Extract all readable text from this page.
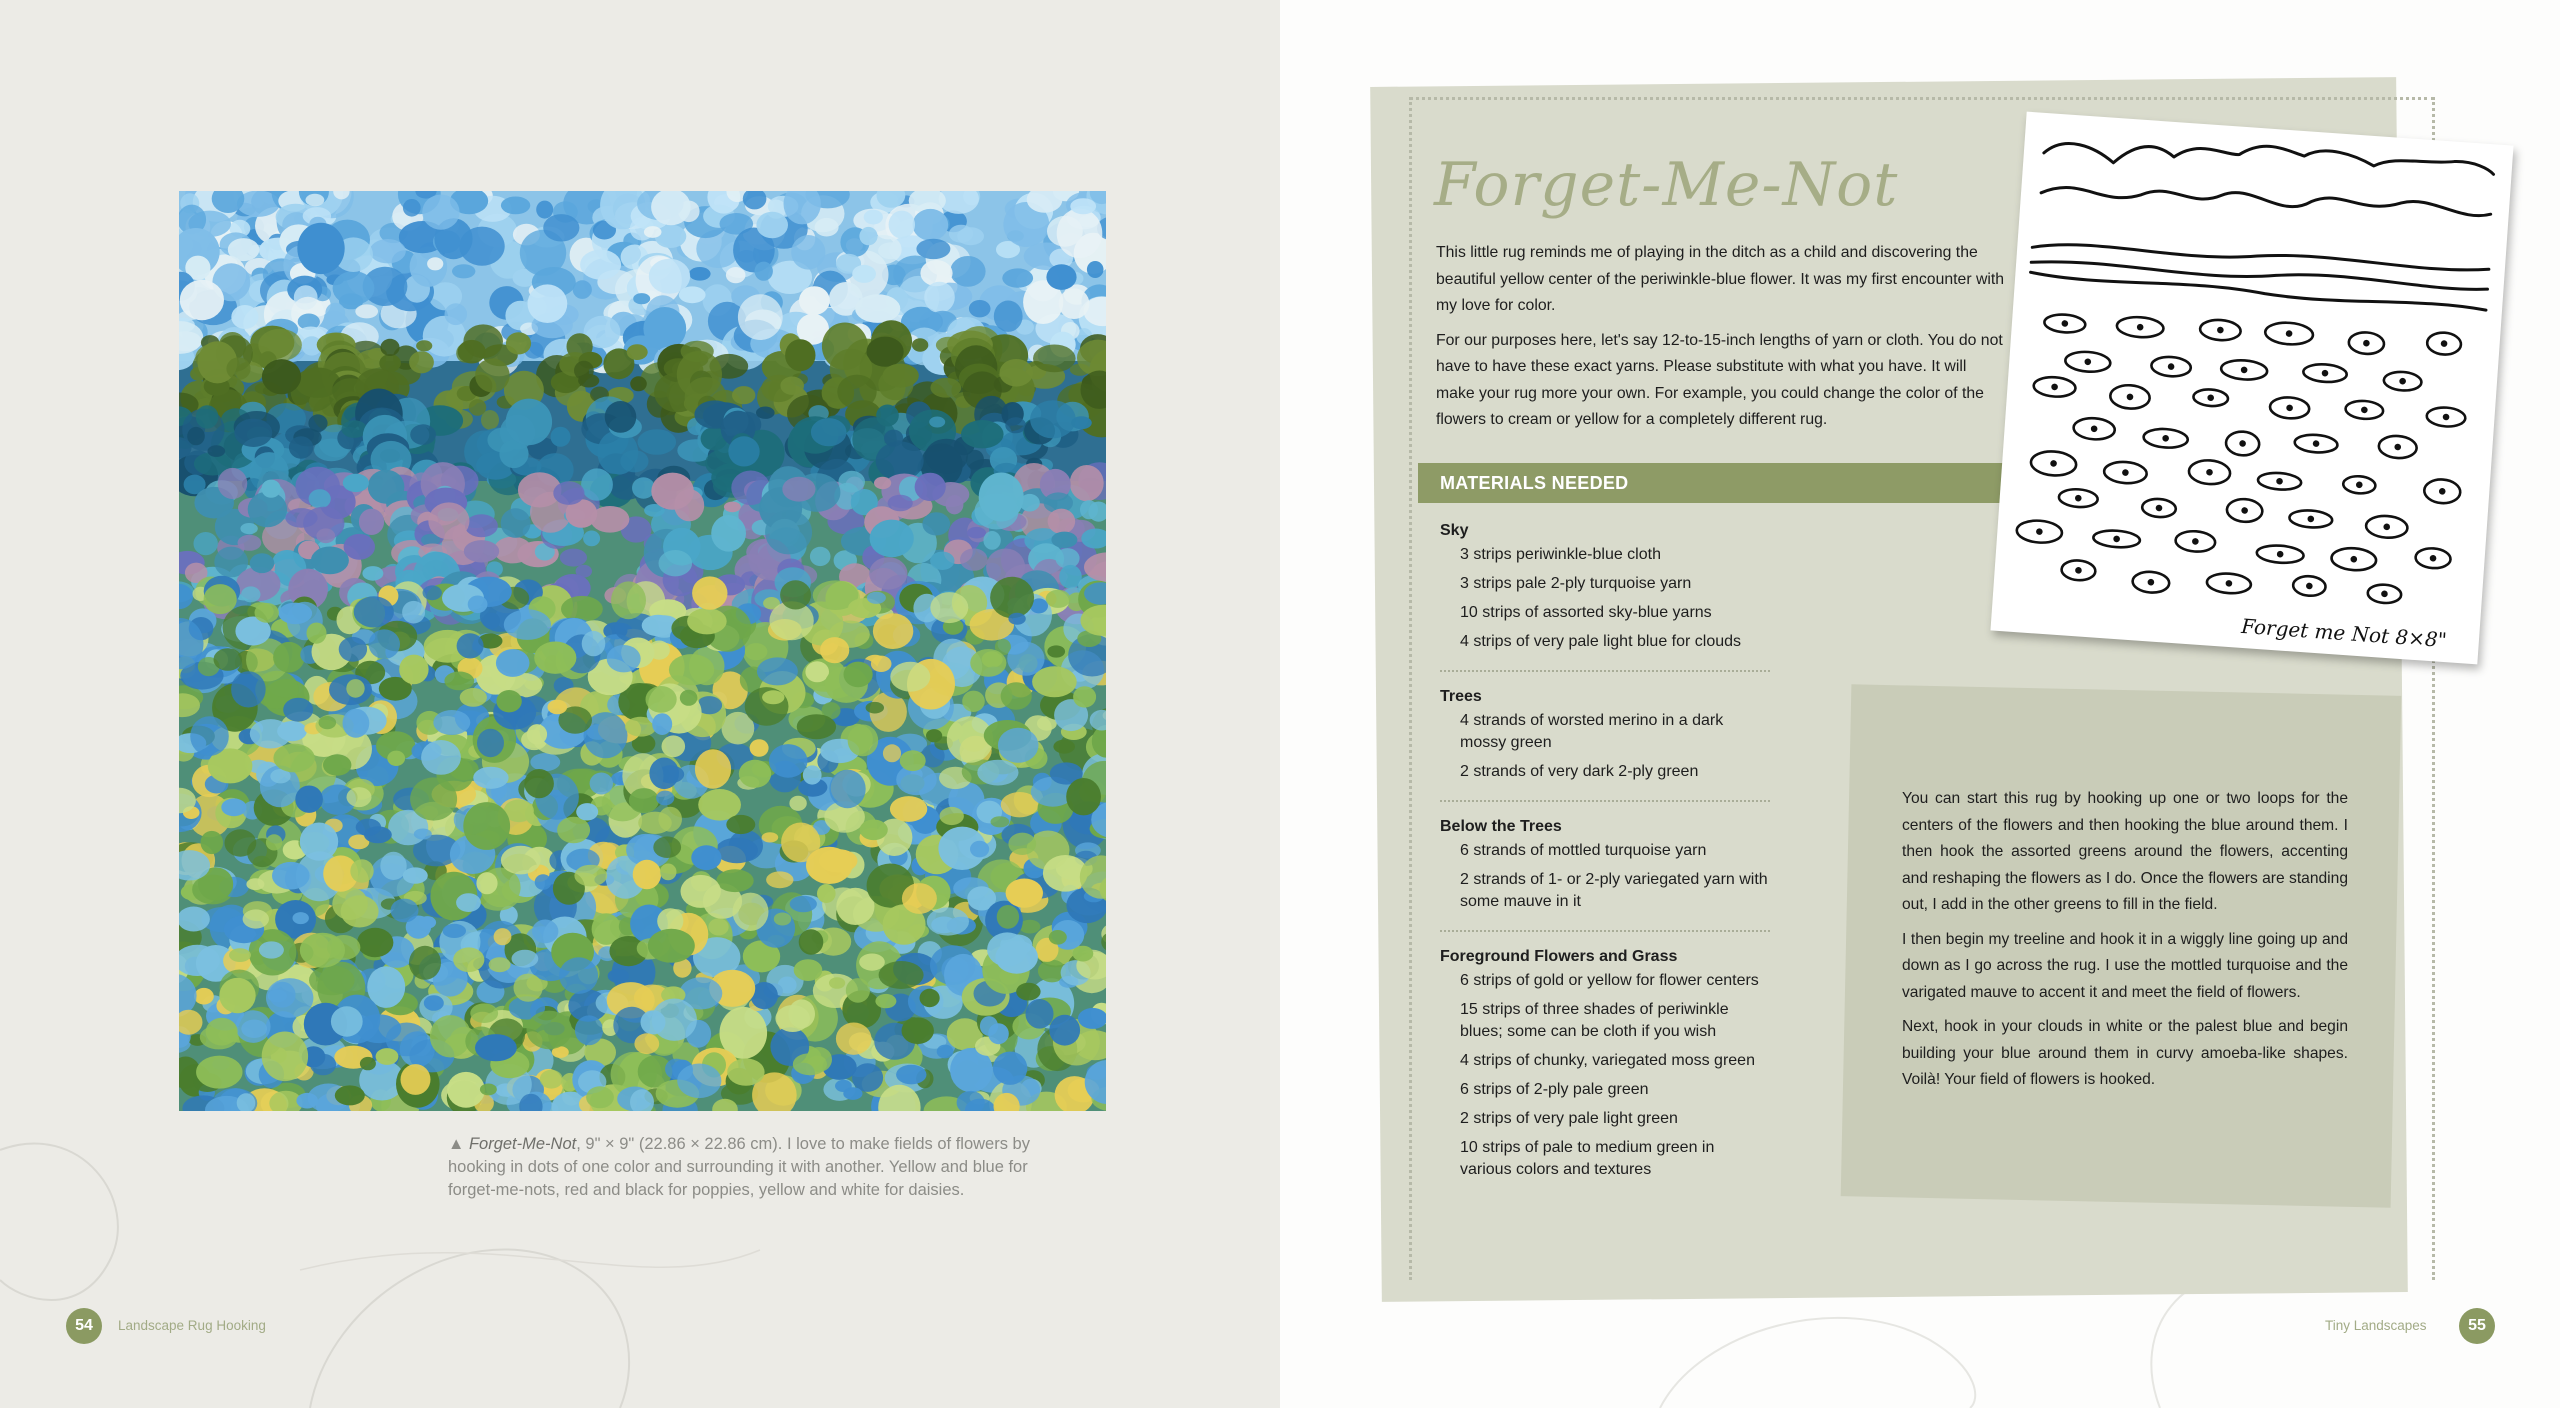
▲ Forget-Me-Not, 9" × 9" (22.86 × 22.86 cm). I love to make fields of flowers by hooking in dots of one color and surrounding it with another. Yellow and blue for forget-me-nots, red and black for poppies, yellow and white for daisies.
54	Landscape Rug Hooking
Forget-Me-Not

This little rug reminds me of playing in the ditch as a child and discovering the beautiful yellow center of the periwinkle-blue flower. It was my first encounter with my love for color.

For our purposes here, let's say 12-to-15-inch lengths of yarn or cloth. You do not have to have these exact yarns. Please substitute with what you have. It will make your rug more your own. For example, you could change the color of the flowers to cream or yellow for a completely different rug.

MATERIALS NEEDED
Sky
3 strips periwinkle-blue cloth
3 strips pale 2-ply turquoise yarn
10 strips of assorted sky-blue yarns
4 strips of very pale light blue for clouds
Trees
4 strands of worsted merino in a dark mossy green
2 strands of very dark 2-ply green
Below the Trees
6 strands of mottled turquoise yarn
2 strands of 1- or 2-ply variegated yarn with some mauve in it
Foreground Flowers and Grass
6 strips of gold or yellow for flower centers
15 strips of three shades of periwinkle blues; some can be cloth if you wish
4 strips of chunky, variegated moss green
6 strips of 2-ply pale green
2 strips of very pale light green
10 strips of pale to medium green in various colors and textures
Forget me Not 8×8"

You can start this rug by hooking up one or two loops for the centers of the flowers and then hooking the blue around them. I then hook the assorted greens around the flowers, accenting and reshaping the flowers as I do. Once the flowers are standing out, I add in the other greens to fill in the field.

I then begin my treeline and hook it in a wiggly line going up and down as I go across the rug. I use the mottled turquoise and the varigated mauve to accent it and meet the field of flowers.

Next, hook in your clouds in white or the palest blue and begin building your blue around them in curvy amoeba-like shapes. Voilà! Your field of flowers is hooked.

Tiny Landscapes	55
